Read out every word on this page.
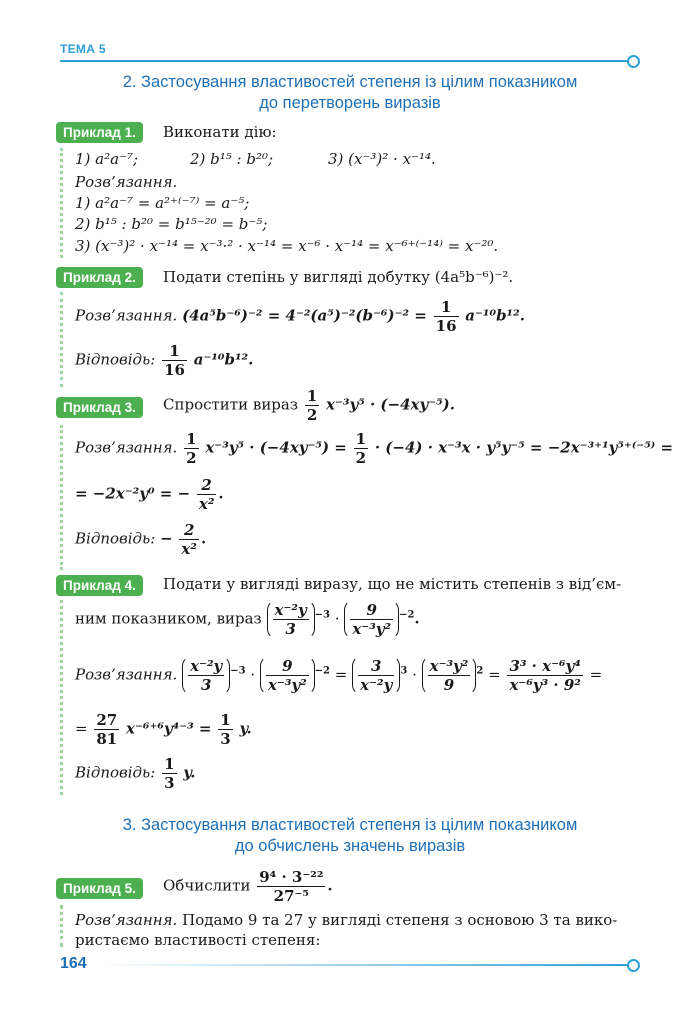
ТЕМА 5
2. Застосування властивостей степеня із цілим показником
до перетворень виразів
Приклад 1.	Виконати дію:
1) a²a⁻⁷;	2) b¹⁵ : b²⁰;	3) (x⁻³)² · x⁻¹⁴.
Розв’язання.
1) a²a⁻⁷ = a²⁺⁽⁻⁷⁾ = a⁻⁵;
2) b¹⁵ : b²⁰ = b¹⁵⁻²⁰ = b⁻⁵;
3) (x⁻³)² · x⁻¹⁴ = x⁻³·² · x⁻¹⁴ = x⁻⁶ · x⁻¹⁴ = x⁻⁶⁺⁽⁻¹⁴⁾ = x⁻²⁰.
Приклад 2.	Подати степінь у вигляді добутку (4a⁵b⁻⁶)⁻².
Розв’язання. $(4a^5b^{-6})^{-2} = 4^{-2}(a^5)^{-2}(b^{-6})^{-2} = \frac{1}{16} a^{-10}b^{12}$.
Відповідь: $\frac{1}{16} a^{-10}b^{12}$.
Приклад 3.	Спростити вираз $\frac{1}{2} x^{-3}y^5 \cdot (-4xy^{-5})$.
Розв’язання. $\frac{1}{2} x^{-3}y^5 \cdot (-4xy^{-5}) = \frac{1}{2} \cdot (-4) \cdot x^{-3}x \cdot y^5y^{-5} = -2x^{-3+1}y^{5+(-5)}$ =
= −2x⁻²y⁰ = − $\frac{2}{\text{x²}}$ .
Відповідь: − $\frac{2}{\text{x²}}$ .
Приклад 4.	Подати у вигляді виразу, що не містить степенів з від’єм-
ним показником, вираз $\frac{\text{x⁻²y}}{3} ^{-3} \cdot \frac{9}{\text{x⁻³y²}} ^{-2}$.
Розв’язання. $\frac{\text{x⁻²y}}{3} ^{-3} \cdot \frac{9}{\text{x⁻³y²}} ^{-2} = \frac{3}{\text{x⁻²y}} ^3 \cdot \frac{\text{x⁻³y²}}{9} ^2 = \frac{\text{3³ · x⁻⁶y⁴}}{\text{x⁻⁶y³ · 9²}}$ =
= $\frac{27}{81} x^{-6+6}y^{4-3} = \frac{1}{3} y$.
Відповідь: $\frac{1}{3} y$.
3. Застосування властивостей степеня із цілим показником
до обчислень значень виразів
Приклад 5.	Обчислити $\frac{\text{9⁴ · 3⁻²²}}{\text{27⁻⁵}}$ .
Розв’язання. Подамо 9 та 27 у вигляді степеня з основою 3 та вико-
ристаємо властивості степеня:
164
